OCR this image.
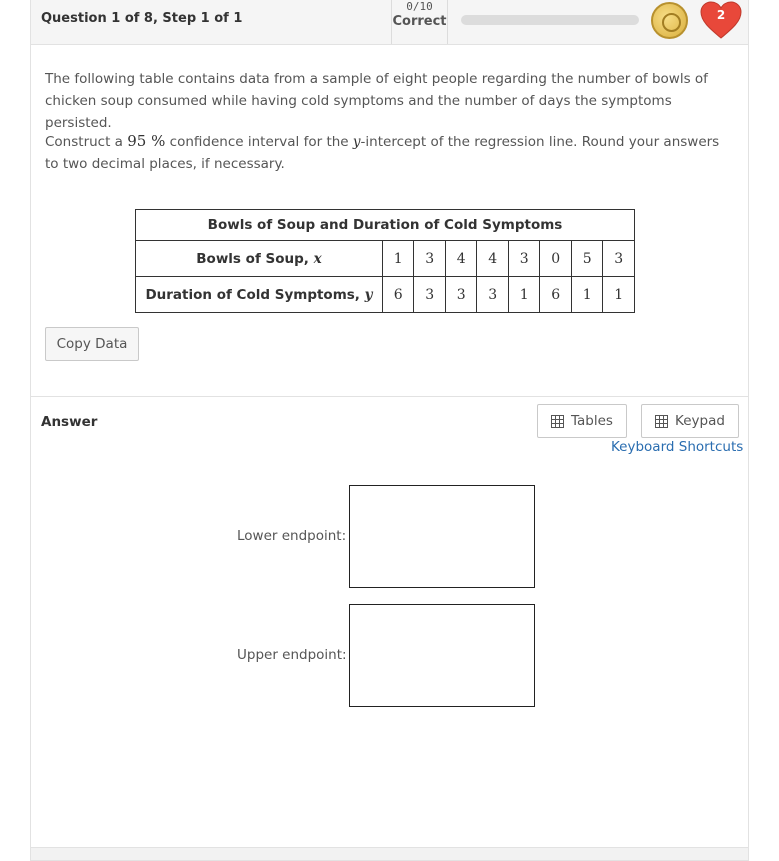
Question 1 of 8, Step 1 of 1
0/10
Correct	2

The following table contains data from a sample of eight people regarding the number of bowls of chicken soup consumed while having cold symptoms and the number of days the symptoms persisted.

Construct a 95 % confidence interval for the y-intercept of the regression line. Round your answers to two decimal places, if necessary.

Bowls of Soup and Duration of Cold Symptoms								
Bowls of Soup, x	1	3	4	4	3	0	5	3
Duration of Cold Symptoms, y	6	3	3	3	1	6	1	1
Copy Data
Answer	Tables	Keypad
Keyboard Shortcuts
Lower endpoint:
Upper endpoint:
